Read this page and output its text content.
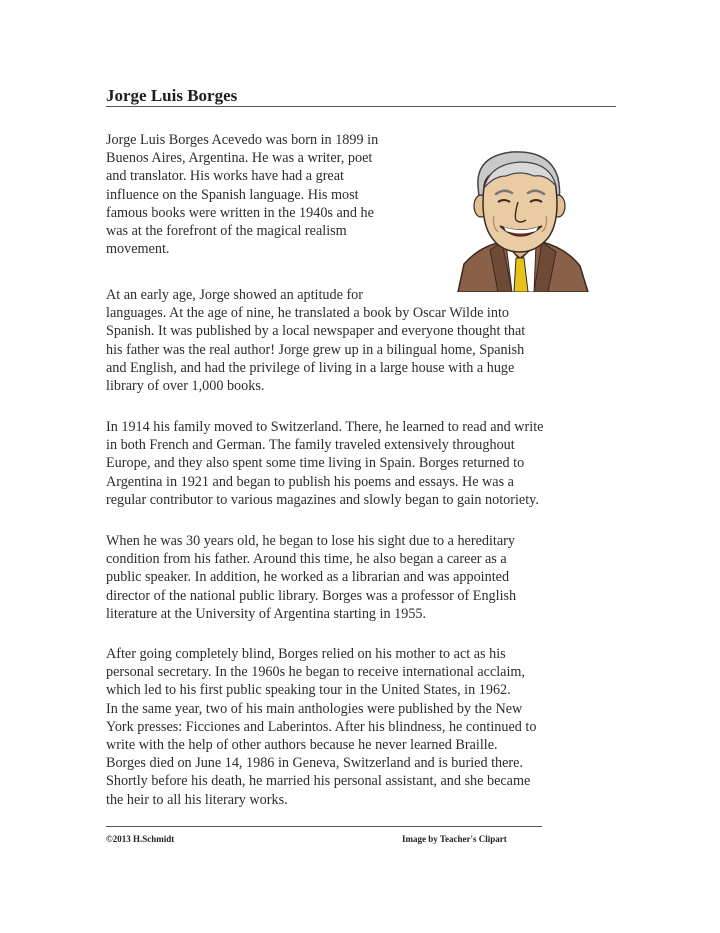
Jorge Luis Borges

Jorge Luis Borges Acevedo was born in 1899 in
Buenos Aires, Argentina. He was a writer, poet
and translator. His works have had a great
influence on the Spanish language. His most
famous books were written in the 1940s and he
was at the forefront of the magical realism
movement.

At an early age, Jorge showed an aptitude for
languages. At the age of nine, he translated a book by Oscar Wilde into
Spanish. It was published by a local newspaper and everyone thought that
his father was the real author! Jorge grew up in a bilingual home, Spanish
and English, and had the privilege of living in a large house with a huge
library of over 1,000 books.

In 1914 his family moved to Switzerland. There, he learned to read and write
in both French and German. The family traveled extensively throughout
Europe, and they also spent some time living in Spain. Borges returned to
Argentina in 1921 and began to publish his poems and essays. He was a
regular contributor to various magazines and slowly began to gain notoriety.

When he was 30 years old, he began to lose his sight due to a hereditary
condition from his father. Around this time, he also began a career as a
public speaker. In addition, he worked as a librarian and was appointed
director of the national public library. Borges was a professor of English
literature at the University of Argentina starting in 1955.

After going completely blind, Borges relied on his mother to act as his
personal secretary. In the 1960s he began to receive international acclaim,
which led to his first public speaking tour in the United States, in 1962.
In the same year, two of his main anthologies were published by the New
York presses: Ficciones and Laberintos. After his blindness, he continued to
write with the help of other authors because he never learned Braille.
Borges died on June 14, 1986 in Geneva, Switzerland and is buried there.
Shortly before his death, he married his personal assistant, and she became
the heir to all his literary works.

©2013 H.Schmidt	Image by Teacher's Clipart
